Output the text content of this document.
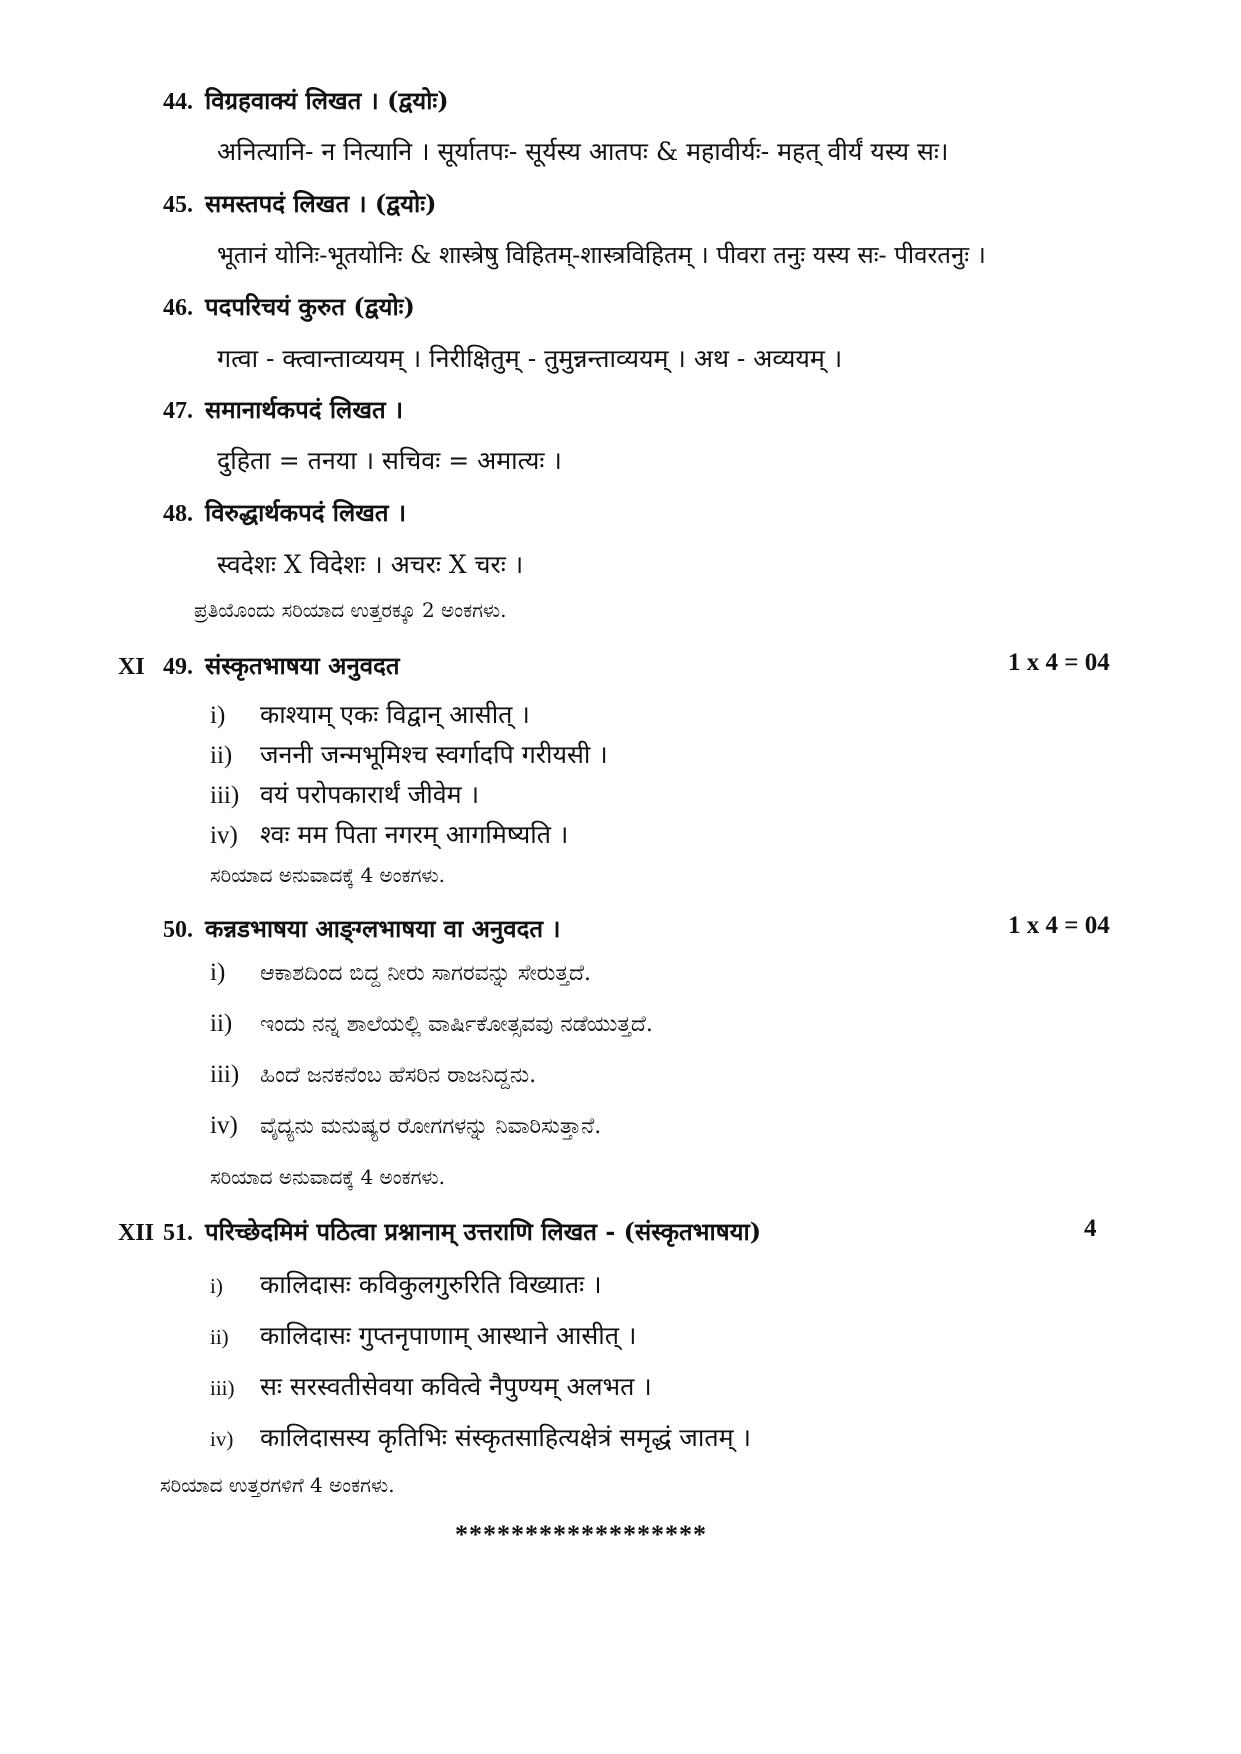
44. विग्रहवाक्यं लिखत । (द्वयोः)
अनित्यानि- न नित्यानि । सूर्यातपः- सूर्यस्य आतपः & महावीर्यः- महत् वीर्यं यस्य सः।
45. समस्तपदं लिखत । (द्वयोः)
भूतानं योनिः-भूतयोनिः & शास्त्रेषु विहितम्-शास्त्रविहितम् । पीवरा तनुः यस्य सः- पीवरतनुः ।
46. पदपरिचयं कुरुत (द्वयोः)
गत्वा - क्त्वान्ताव्ययम् । निरीक्षितुम् - तुमुन्नन्ताव्ययम् । अथ - अव्ययम् ।
47. समानार्थकपदं लिखत ।
दुहिता = तनया । सचिवः = अमात्यः ।
48. विरुद्धार्थकपदं लिखत ।
स्वदेशः X विदेशः । अचरः X चरः ।
ಪ್ರತಿಯೊಂದು ಸರಿಯಾದ ಉತ್ತರಕ್ಕೂ 2 ಅಂಕಗಳು.
XI 49. संस्कृतभाषया अनुवदत	1 x 4 = 04
i) काश्याम् एकः विद्वान् आसीत् ।
ii) जननी जन्मभूमिश्च स्वर्गादपि गरीयसी ।
iii) वयं परोपकारार्थं जीवेम ।
iv) श्वः मम पिता नगरम् आगमिष्यति ।
ಸರಿಯಾದ ಅನುವಾದಕ್ಕೆ 4 ಅಂಕಗಳು.
50. कन्नडभाषया आङ्ग्लभाषया वा अनुवदत ।	1 x 4 = 04
i) ಆಕಾಶದಿಂದ ಬಿದ್ದ ನೀರು ಸಾಗರವನ್ನು ಸೇರುತ್ತದೆ.
ii) ಇಂದು ನನ್ನ ಶಾಲೆಯಲ್ಲಿ ವಾರ್ಷಿಕೋತ್ಸವವು ನಡೆಯುತ್ತದೆ.
iii) ಹಿಂದೆ ಜನಕನೆಂಬ ಹೆಸರಿನ ರಾಜನಿದ್ದನು.
iv) ವೈದ್ಯನು ಮನುಷ್ಯರ ರೋಗಗಳನ್ನು ನಿವಾರಿಸುತ್ತಾನೆ.
ಸರಿಯಾದ ಅನುವಾದಕ್ಕೆ 4 ಅಂಕಗಳು.
XII 51. परिच्छेदमिमं पठित्वा प्रश्नानाम् उत्तराणि लिखत - (संस्कृतभाषया)	4
i) कालिदासः कविकुलगुरुरिति विख्यातः ।
ii) कालिदासः गुप्तनृपाणाम् आस्थाने आसीत् ।
iii) सः सरस्वतीसेवया कवित्वे नैपुण्यम् अलभत ।
iv) कालिदासस्य कृतिभिः संस्कृतसाहित्यक्षेत्रं समृद्धं जातम् ।
ಸರಿಯಾದ ಉತ್ತರಗಳಿಗೆ 4 ಅಂಕಗಳು.
******************
